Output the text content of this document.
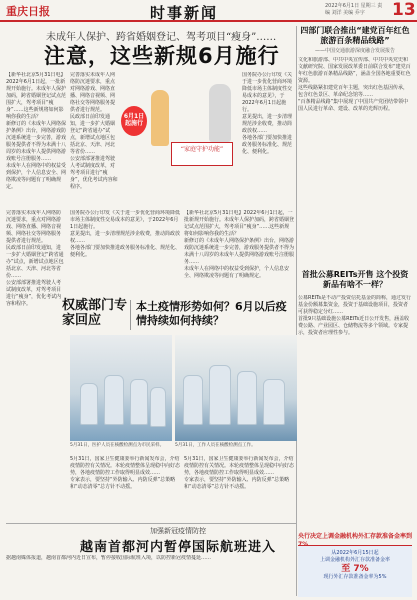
重庆日报	时事新闻	2022年6月1日 星期三 责编 刘洋 美编 乔宇	13
未成年人保护、跨省婚姻登记、驾考项目“瘦身”……
注意，这些新规6月施行
【新华社北京5月31日电】2022年6月1日起，一批新规开始施行。未成年人保护加码，跨省婚姻登记试点范围扩大，驾考项目“瘦身”……这些新规将如何影响你我的生活？
新修订的《未成年人网络保护条例》出台，网络游戏防沉迷系统进一步完善，游戏服务提供者不得为未满十八周岁的未成年人提供网络游戏账号注册服务……
未成年人在网络中的权益受到保护，个人信息安全、网络欺凌等问题有了明确规定。
6月1日起施行
“家庭守护功能”
完善落实未成年人网络防沉迷要求，重点对网络游戏、网络直播、网络音视频、网络社交等网络服务提供者进行规范。
民政部日前印发通知，进一步扩大婚姻登记“跨省通办”试点，新增试点地区包括北京、天津、河北等省份……
公安部部署推进驾驶人考试制度改革，对驾考项目进行“瘦身”，优化考试内容和程序。
国务院办公厅印发《关于进一步优化营商环境降低市场主体制度性交易成本的意见》，于2022年6月1日起施行。
意见提出，进一步清理规范涉企收费，推动简政放权……
各地各部门要加快推进政务服务标准化、规范化、便利化。
完善落实未成年人网络防沉迷要求，重点对网络游戏、网络直播、网络音视频、网络社交等网络服务提供者进行规范。
民政部日前印发通知，进一步扩大婚姻登记“跨省通办”试点，新增试点地区包括北京、天津、河北等省份……
公安部部署推进驾驶人考试制度改革，对驾考项目进行“瘦身”，优化考试内容和程序。
国务院办公厅印发《关于进一步优化营商环境降低市场主体制度性交易成本的意见》，于2022年6月1日起施行。
意见提出，进一步清理规范涉企收费，推动简政放权……
各地各部门要加快推进政务服务标准化、规范化、便利化。
【新华社北京5月31日电】2022年6月1日起，一批新规开始施行。未成年人保护加码，跨省婚姻登记试点范围扩大，驾考项目“瘦身”……这些新规将如何影响你我的生活？
新修订的《未成年人网络保护条例》出台，网络游戏防沉迷系统进一步完善，游戏服务提供者不得为未满十八周岁的未成年人提供网络游戏账号注册服务……
未成年人在网络中的权益受到保护，个人信息安全、网络欺凌等问题有了明确规定。
四部门联合推出“建党百年红色旅游百条精品线路”
——中国交通旅游深度融合发展报告
文化和旅游部、中共中央宣传部、中共中央党史和文献研究院、国家发展改革委日前联合发布“建党百年红色旅游百条精品线路”，涵盖全国各地重要红色资源。
这些线路紧扣建党百年主题，突出红色基因传承，包含红色景区、革命纪念馆等……
“百条精品线路”集中展现了中国共产党团结带领中国人民进行革命、建设、改革的光辉历程。
首批公募REITs开售 这个投资新品有啥不一样？
公募REITs是不动产投资信托基金的简称，通过发行基金份额募集资金，投资于基础设施项目，投资者可获得稳定分红……
首批9只基础设施公募REITs近日公开发售，涵盖收费公路、产业园区、仓储物流等多个领域。专家提示，投资者应理性参与。
权威部门专家回应
本土疫情形势如何？6月以后疫情持续如何持续？
5月31日，医护人员在核酸检测点为市民采样。	5月31日，工作人员在核酸检测点工作。
5月31日，国家卫生健康委举行新闻发布会，介绍疫情防控有关情况。本轮疫情整体呈现稳中向好态势，各地疫情防控工作取得明显成效……
专家表示，要坚持“外防输入、内防反弹”总策略和“动态清零”总方针不动摇。
5月31日，国家卫生健康委举行新闻发布会，介绍疫情防控有关情况。本轮疫情整体呈现稳中向好态势，各地疫情防控工作取得明显成效……
专家表示，要坚持“外防输入、内防反弹”总策略和“动态清零”总方针不动摇。
加强新冠疫情防控
越南首都河内暂停国际航班进入
据越南媒体报道，越南首都河内近日宣布，暂停接收国际航班入境，以防控新冠疫情蔓延……
央行决定上调金融机构外汇存款准备金率到
从2022年6月15日起
上调金融机构外汇存款准备金率
至 7%
现行外汇存款准备金率为5%
